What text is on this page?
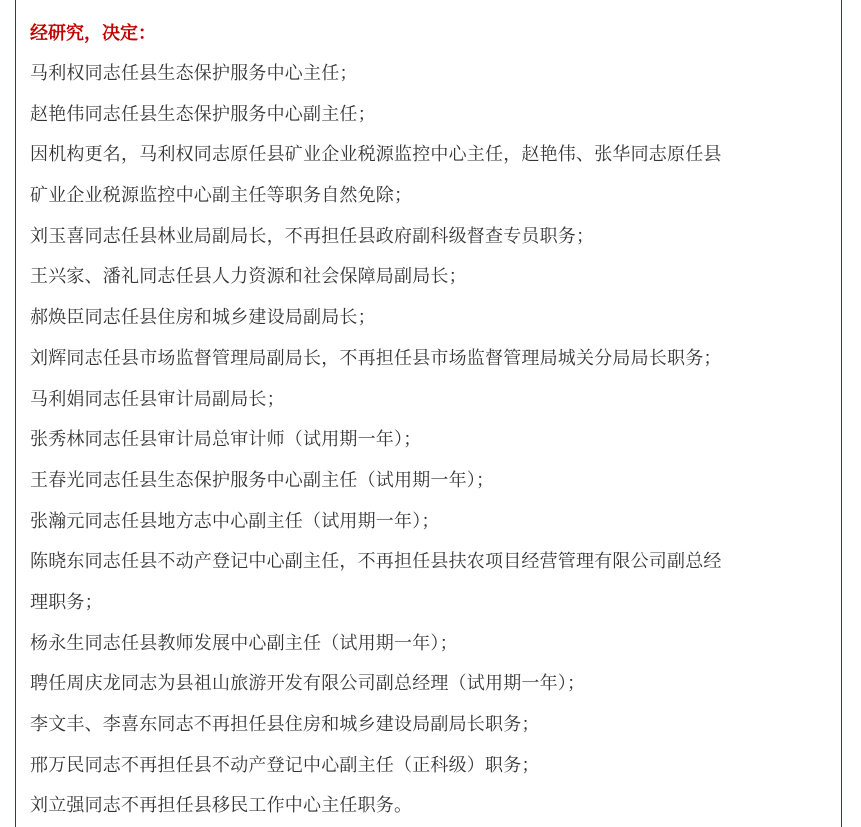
经研究，决定：
马利权同志任县生态保护服务中心主任；
赵艳伟同志任县生态保护服务中心副主任；
因机构更名，马利权同志原任县矿业企业税源监控中心主任，赵艳伟、张华同志原任县
矿业企业税源监控中心副主任等职务自然免除；
刘玉喜同志任县林业局副局长，不再担任县政府副科级督查专员职务；
王兴家、潘礼同志任县人力资源和社会保障局副局长；
郝焕臣同志任县住房和城乡建设局副局长；
刘辉同志任县市场监督管理局副局长，不再担任县市场监督管理局城关分局局长职务；
马利娟同志任县审计局副局长；
张秀林同志任县审计局总审计师（试用期一年）；
王春光同志任县生态保护服务中心副主任（试用期一年）；
张瀚元同志任县地方志中心副主任（试用期一年）；
陈晓东同志任县不动产登记中心副主任，不再担任县扶农项目经营管理有限公司副总经
理职务；
杨永生同志任县教师发展中心副主任（试用期一年）；
聘任周庆龙同志为县祖山旅游开发有限公司副总经理（试用期一年）；
李文丰、李喜东同志不再担任县住房和城乡建设局副局长职务；
邢万民同志不再担任县不动产登记中心副主任（正科级）职务；
刘立强同志不再担任县移民工作中心主任职务。
